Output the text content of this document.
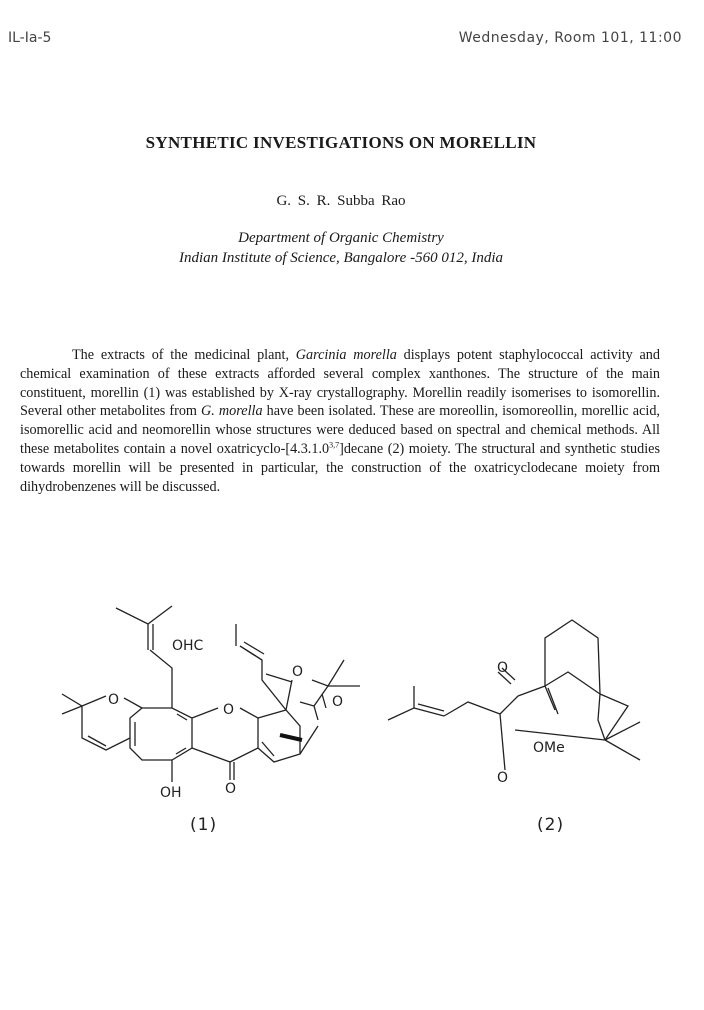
IL-Ia-5	Wednesday, Room 101, 11:00
SYNTHETIC INVESTIGATIONS ON MORELLIN
G. S. R. Subba Rao
Department of Organic Chemistry
Indian Institute of Science, Bangalore -560 012, India
The extracts of the medicinal plant, Garcinia morella displays potent staphylococcal activity and chemical examination of these extracts afforded several complex xanthones. The structure of the main constituent, morellin (1) was established by X-ray crystallography. Morellin readily isomerises to isomorellin. Several other metabolites from G. morella have been isolated. These are moreollin, isomoreollin, morellic acid, isomorellic acid and neomorellin whose structures were deduced based on spectral and chemical methods. All these metabolites contain a novel oxatricyclo-[4.3.1.0$^{3,7}$]decane (2) moiety. The structural and synthetic studies towards morellin will be presented in particular, the construction of the oxatricyclodecane moiety from dihydrobenzenes will be discussed.
OHC
O
O
O
O
O
OH
(1)
O
OMe
O
(2)
